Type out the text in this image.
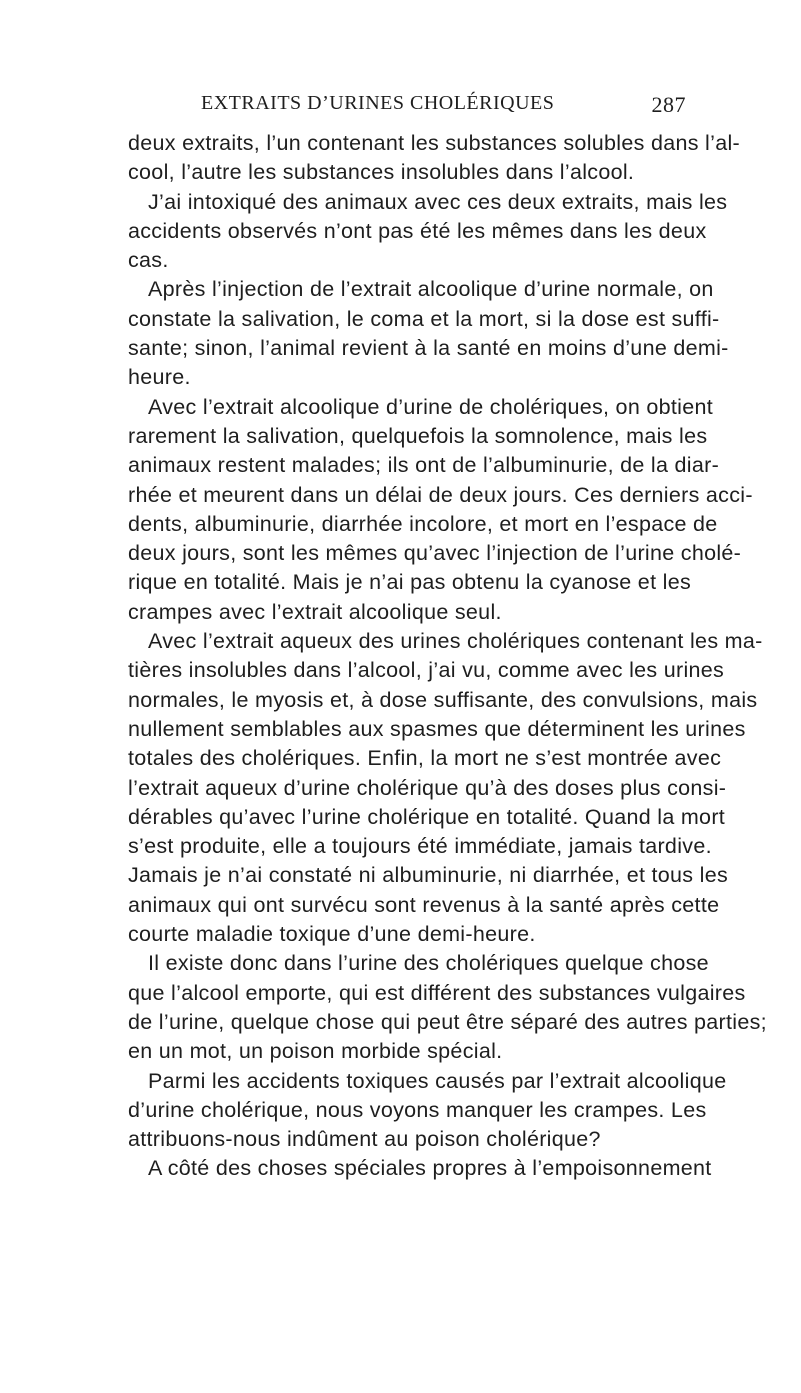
EXTRAITS D’URINES CHOLÉRIQUES	287

deux extraits, l’un contenant les substances solubles dans l’al-
cool, l’autre les substances insolubles dans l’alcool.

J’ai intoxiqué des animaux avec ces deux extraits, mais les
accidents observés n’ont pas été les mêmes dans les deux
cas.

Après l’injection de l’extrait alcoolique d’urine normale, on
constate la salivation, le coma et la mort, si la dose est suffi-
sante; sinon, l’animal revient à la santé en moins d’une demi-
heure.

Avec l’extrait alcoolique d’urine de cholériques, on obtient
rarement la salivation, quelquefois la somnolence, mais les
animaux restent malades; ils ont de l’albuminurie, de la diar-
rhée et meurent dans un délai de deux jours. Ces derniers acci-
dents, albuminurie, diarrhée incolore, et mort en l’espace de
deux jours, sont les mêmes qu’avec l’injection de l’urine cholé-
rique en totalité. Mais je n’ai pas obtenu la cyanose et les
crampes avec l’extrait alcoolique seul.

Avec l’extrait aqueux des urines cholériques contenant les ma-
tières insolubles dans l’alcool, j’ai vu, comme avec les urines
normales, le myosis et, à dose suffisante, des convulsions, mais
nullement semblables aux spasmes que déterminent les urines
totales des cholériques. Enfin, la mort ne s’est montrée avec
l’extrait aqueux d’urine cholérique qu’à des doses plus consi-
dérables qu’avec l’urine cholérique en totalité. Quand la mort
s’est produite, elle a toujours été immédiate, jamais tardive.
Jamais je n’ai constaté ni albuminurie, ni diarrhée, et tous les
animaux qui ont survécu sont revenus à la santé après cette
courte maladie toxique d’une demi-heure.

Il existe donc dans l’urine des cholériques quelque chose
que l’alcool emporte, qui est différent des substances vulgaires
de l’urine, quelque chose qui peut être séparé des autres parties;
en un mot, un poison morbide spécial.

Parmi les accidents toxiques causés par l’extrait alcoolique
d’urine cholérique, nous voyons manquer les crampes. Les
attribuons-nous indûment au poison cholérique?

A côté des choses spéciales propres à l’empoisonnement
